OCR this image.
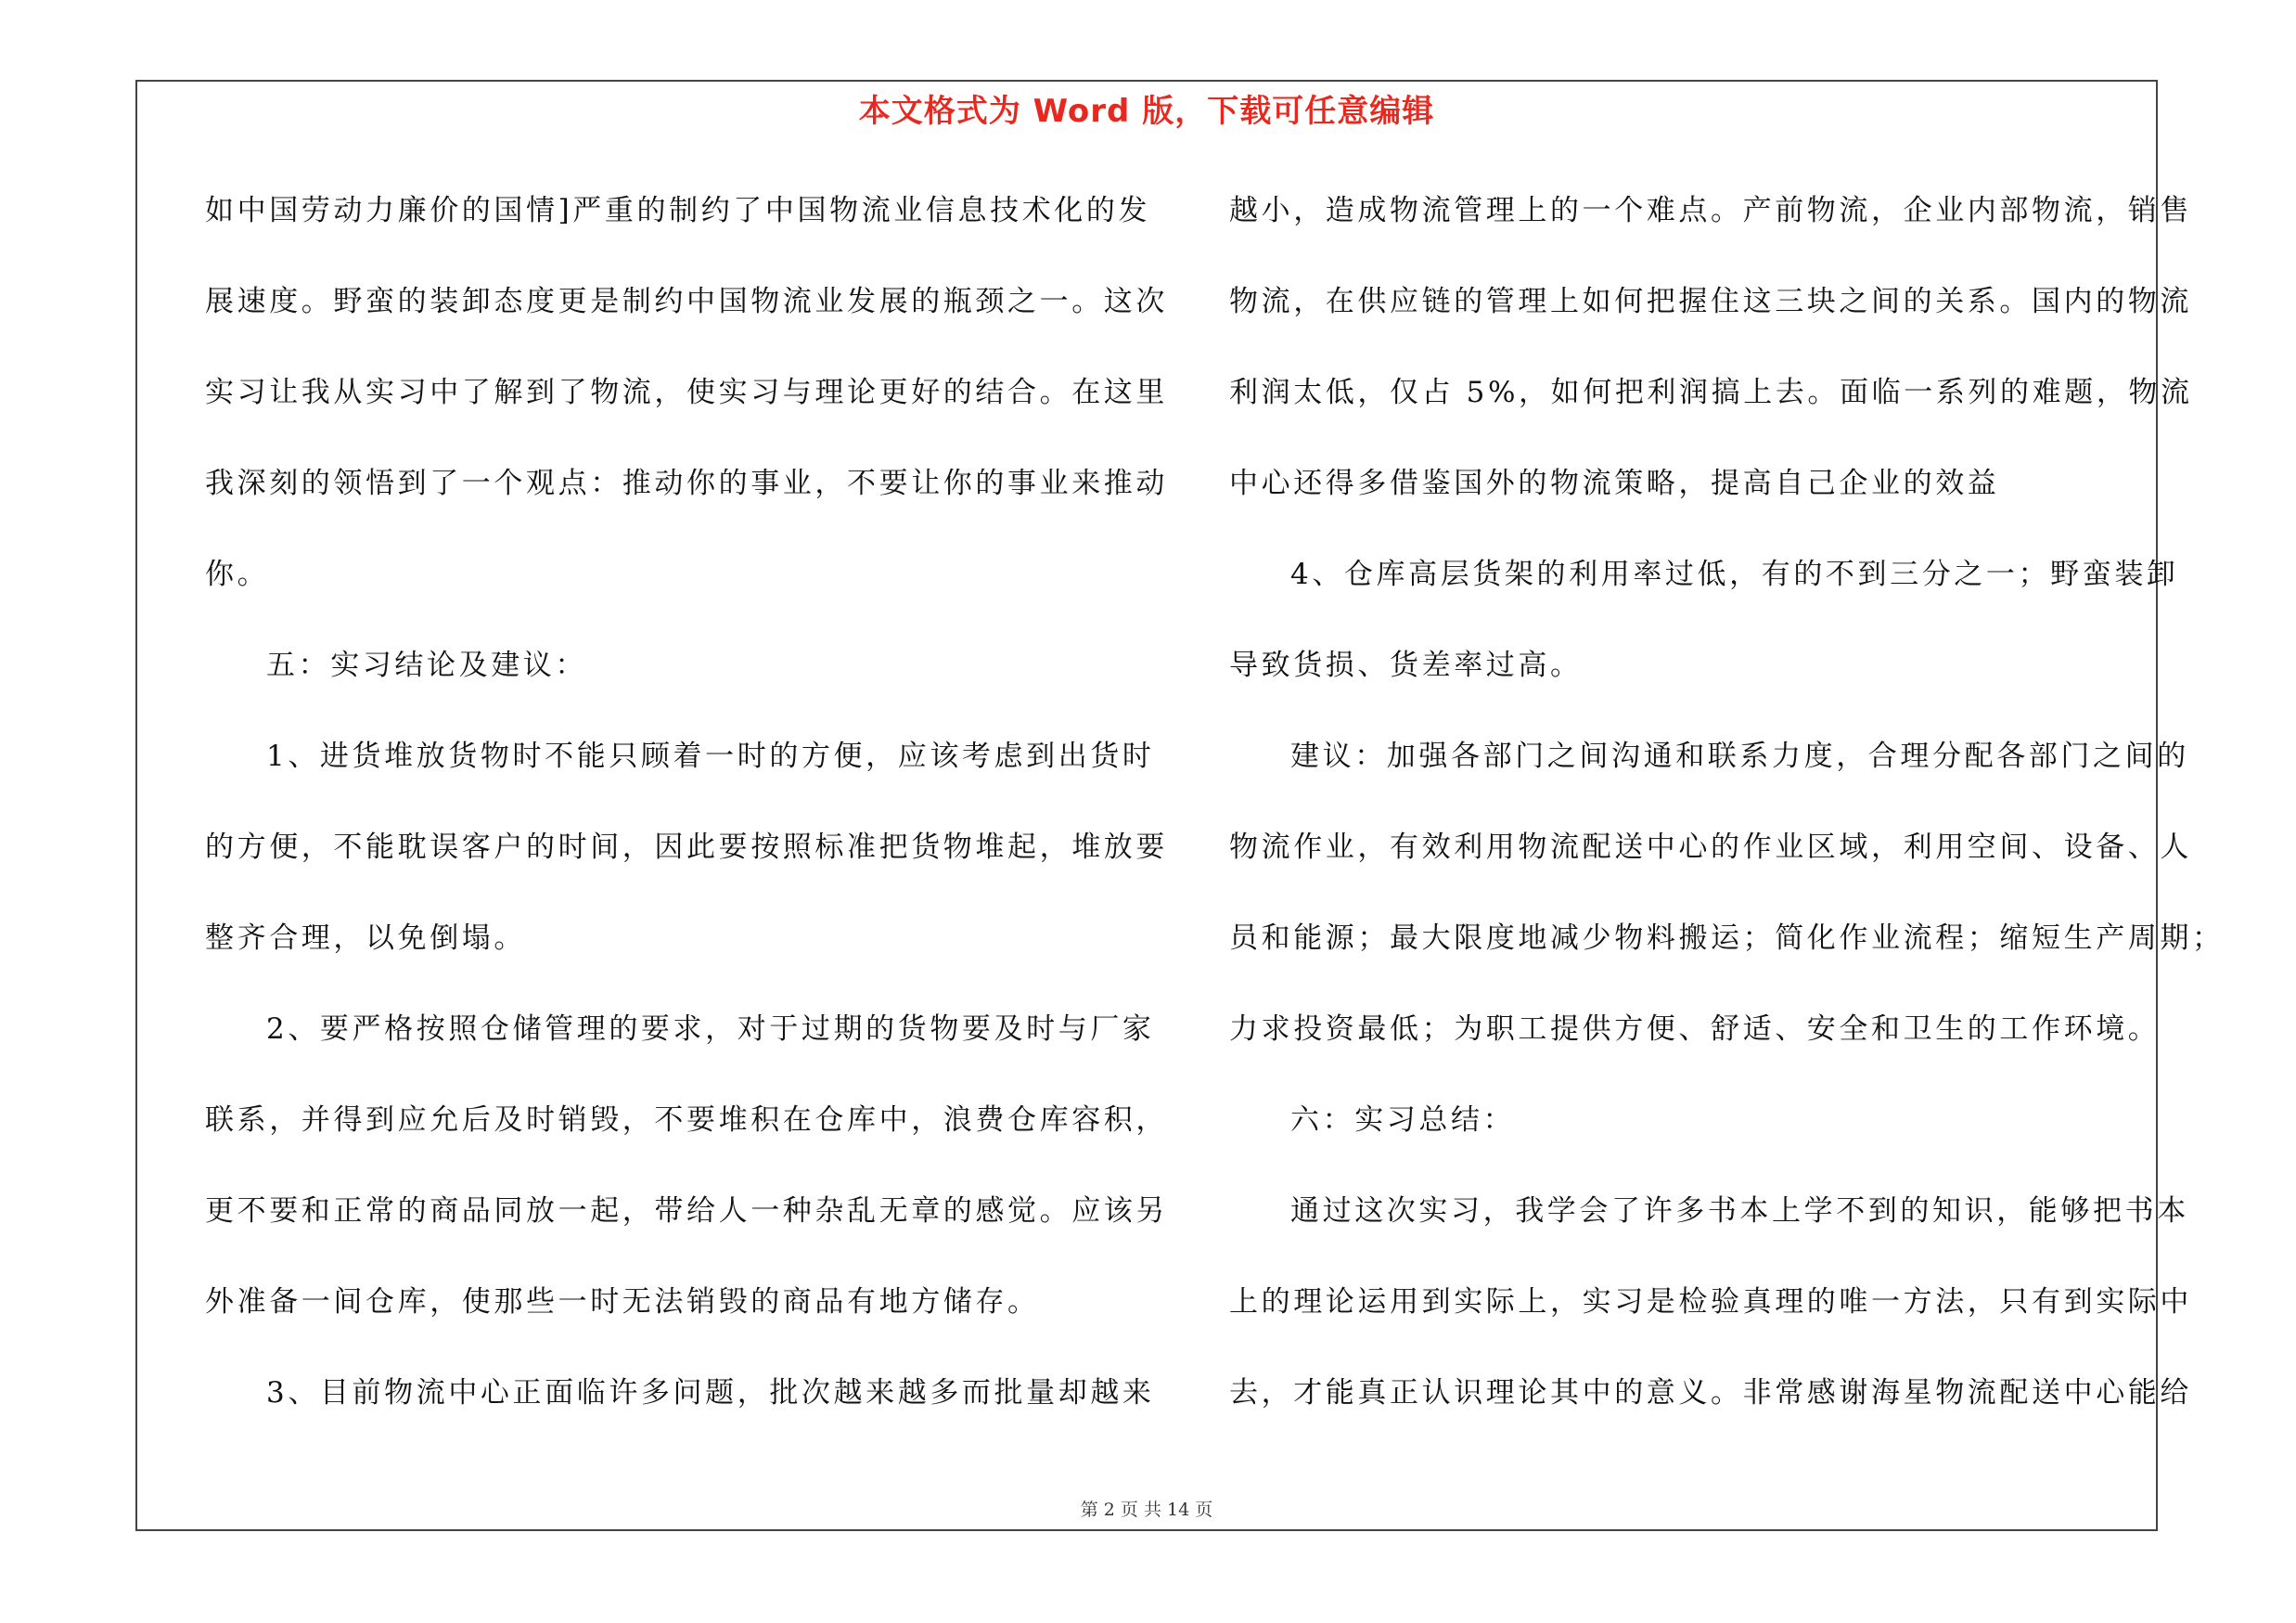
本文格式为 Word 版，下载可任意编辑
如中国劳动力廉价的国情]严重的制约了中国物流业信息技术化的发
展速度。野蛮的装卸态度更是制约中国物流业发展的瓶颈之一。这次
实习让我从实习中了解到了物流，使实习与理论更好的结合。在这里
我深刻的领悟到了一个观点：推动你的事业，不要让你的事业来推动
你。
五：实习结论及建议：
1、进货堆放货物时不能只顾着一时的方便，应该考虑到出货时
的方便，不能耽误客户的时间，因此要按照标准把货物堆起，堆放要
整齐合理，以免倒塌。
2、要严格按照仓储管理的要求，对于过期的货物要及时与厂家
联系，并得到应允后及时销毁，不要堆积在仓库中，浪费仓库容积，
更不要和正常的商品同放一起，带给人一种杂乱无章的感觉。应该另
外准备一间仓库，使那些一时无法销毁的商品有地方储存。
3、目前物流中心正面临许多问题，批次越来越多而批量却越来
越小，造成物流管理上的一个难点。产前物流，企业内部物流，销售
物流，在供应链的管理上如何把握住这三块之间的关系。国内的物流
利润太低，仅占 5%，如何把利润搞上去。面临一系列的难题，物流
中心还得多借鉴国外的物流策略，提高自己企业的效益
4、仓库高层货架的利用率过低，有的不到三分之一；野蛮装卸
导致货损、货差率过高。
建议：加强各部门之间沟通和联系力度，合理分配各部门之间的
物流作业，有效利用物流配送中心的作业区域，利用空间、设备、人
员和能源；最大限度地减少物料搬运；简化作业流程；缩短生产周期；
力求投资最低；为职工提供方便、舒适、安全和卫生的工作环境。
六：实习总结：
通过这次实习，我学会了许多书本上学不到的知识，能够把书本
上的理论运用到实际上，实习是检验真理的唯一方法，只有到实际中
去，才能真正认识理论其中的意义。非常感谢海星物流配送中心能给
第 2 页 共 14 页
